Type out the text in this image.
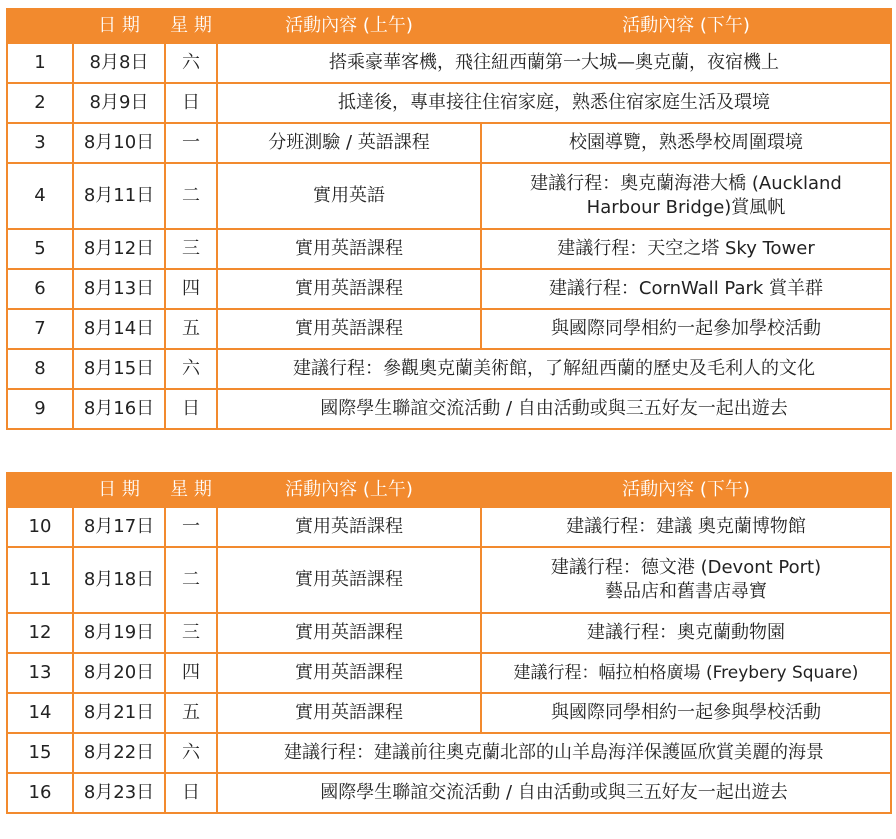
	日 期	星 期	活動內容 (上午)	活動內容 (下午)
1	8月8日	六	搭乘豪華客機，飛往紐西蘭第一大城—奧克蘭，夜宿機上	
2	8月9日	日	抵達後，專車接往住宿家庭，熟悉住宿家庭生活及環境	
3	8月10日	一	分班測驗 / 英語課程	校園導覽，熟悉學校周圍環境
4	8月11日	二	實用英語	建議行程：奧克蘭海港大橋 (Auckland Harbour Bridge)賞風帆
5	8月12日	三	實用英語課程	建議行程：天空之塔 Sky Tower
6	8月13日	四	實用英語課程	建議行程：CornWall Park 賞羊群
7	8月14日	五	實用英語課程	與國際同學相約一起參加學校活動
8	8月15日	六	建議行程：參觀奧克蘭美術館，了解紐西蘭的歷史及毛利人的文化	
9	8月16日	日	國際學生聯誼交流活動 / 自由活動或與三五好友一起出遊去	
	日 期	星 期	活動內容 (上午)	活動內容 (下午)
10	8月17日	一	實用英語課程	建議行程：建議 奧克蘭博物館
11	8月18日	二	實用英語課程	建議行程：德文港 (Devont Port)
藝品店和舊書店尋寶

12	8月19日	三	實用英語課程	建議行程：奧克蘭動物園
13	8月20日	四	實用英語課程	建議行程：幅拉柏格廣場 (Freybery Square)
14	8月21日	五	實用英語課程	與國際同學相約一起參與學校活動
15	8月22日	六	建議行程：建議前往奧克蘭北部的山羊島海洋保護區欣賞美麗的海景	
16	8月23日	日	國際學生聯誼交流活動 / 自由活動或與三五好友一起出遊去	
